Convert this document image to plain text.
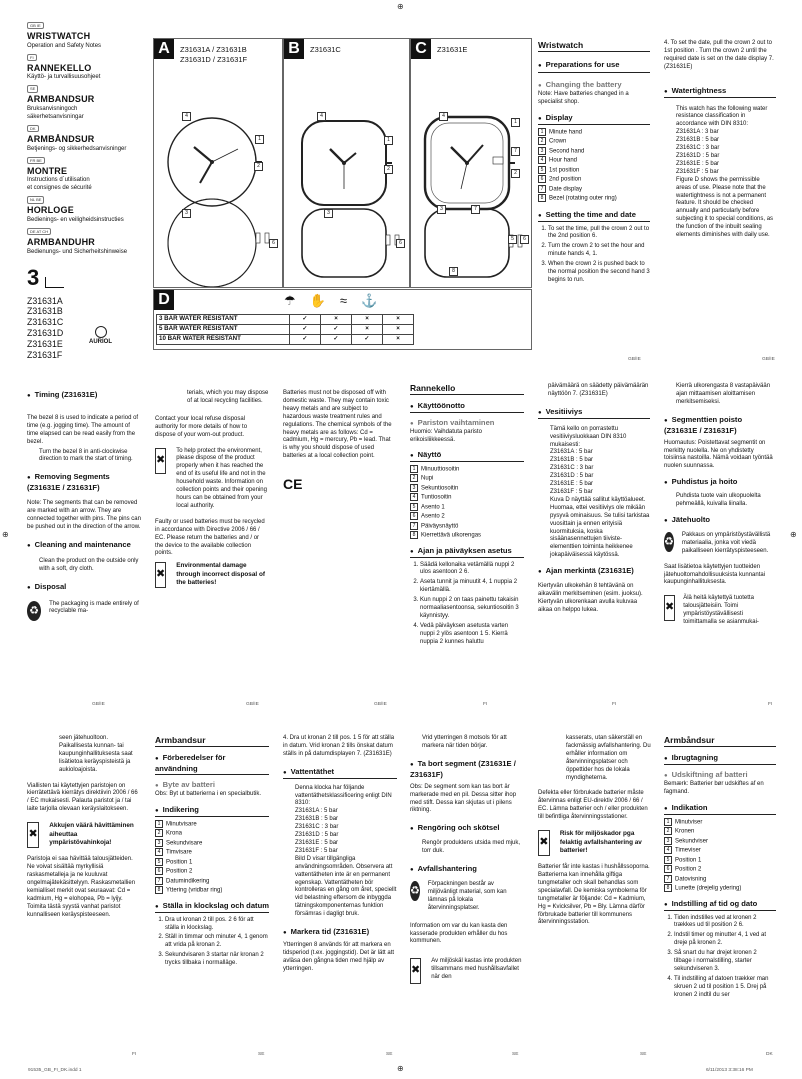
⊕
⊕	⊕
⊕
GB IE
WRISTWATCH
Operation and Safety Notes
FI
RANNEKELLO
Käyttö- ja turvallisuusohjeet
SE
ARMBANDSUR
Bruksanvisningoch
säkerhetsanvisningar
DK
ARMBÅNDSUR
Betjenings- og sikkerhedsanvisninger
FR BE
MONTRE
Instructions d´utilisation
et consignes de sécurité
NL BE
HORLOGE
Bedienings- en veiligheidsinstructies
DE AT CH
ARMBANDUHR
Bedienungs- und Sicherheitshinweise
3
Z31631A
Z31631B
Z31631C
Z31631D
Z31631E
Z31631F
AURIOL
A	Z31631A / Z31631B
Z31631D / Z31631F
4
1
2
3
6
B	Z31631C
4
1
2
3
6
C	Z31631E
4
1
7
2
3	7
5	6
8
D	☂✋≈⚓
3 BAR WATER RESISTANT	✓	×	×	×
5 BAR WATER RESISTANT	✓	✓	×	×
10 BAR WATER RESISTANT	✓	✓	✓	×
Wristwatch
● Preparations for use
● Changing the battery

Note: Have batteries changed in a specialist shop.

● Display
1 Minute hand
2 Crown
3 Second hand
4 Hour hand
5 1st position
6 2nd position
7 Date display
8 Bezel (rotating outer ring)
● Setting the time and date
1. To set the time, pull the crown 2 out to the 2nd position 6.
2. Turn the crown 2 to set the hour and minute hands 4, 1.
3. When the crown 2 is pushed back to the normal position the second hand 3 begins to run.

4. To set the date, pull the crown 2 out to 1st position . Turn the crown 2 until the required date is set on the date display 7. (Z31631E)

● Watertightness

This watch has the following water resistance classification in accordance with DIN 8310:
Z31631A : 3 bar
Z31631B : 5 bar
Z31631C : 3 bar
Z31631D : 5 bar
Z31631E : 5 bar
Z31631F : 5 bar
Figure D shows the permissible areas of use. Please note that the watertightness is not a permanent feature. It should be checked annually and particularly before subjecting it to special conditions, as the function of the inbuilt sealing elements diminishes with daily use.

GB/IE	GB/IE
● Timing (Z31631E)

The bezel 8 is used to indicate a period of time (e.g. jogging time). The amount of time elapsed can be read easily from the bezel.

Turn the bezel 8 in anti-clockwise direction to mark the start of timing.

● Removing Segments (Z31631E / Z31631F)

Note: The segments that can be removed are marked with an arrow. They are connected together with pins. The pins can be pushed out in the direction of the arrow.

● Cleaning and maintenance

Clean the product on the outside only with a soft, dry cloth.

● Disposal
♻

The packaging is made entirely of recyclable ma-

terials, which you may dispose of at local recycling facilities.

Contact your local refuse disposal authority for more details of how to dispose of your worn-out product.

✖

To help protect the environment, please dispose of the product properly when it has reached the end of its useful life and not in the household waste. Information on collection points and their opening hours can be obtained from your local authority.

Faulty or used batteries must be recycled in accordance with Directive 2006 / 66 / EC. Please return the batteries and / or the device to the available collection points.

✖

Environmental damage through incorrect disposal of the batteries!

Batteries must not be disposed off with domestic waste. They may contain toxic heavy metals and are subject to hazardous waste treatment rules and regulations. The chemical symbols of the heavy metals are as follows: Cd = cadmium, Hg = mercury, Pb = lead. That is why you should dispose of used batteries at a local collection point.

CE
Rannekello
● Käyttöönotto
● Pariston vaihtaminen

Huomio: Vaihdatuta paristo erikoisliikkeessä.

● Näyttö
1 Minuuttiosoitin
2 Nupi
3 Sekuntiosoitin
4 Tuntiosoitin
5 Asento 1
6 Asento 2
7 Päiväysnäyttö
8 Kierrettävä ulkorengas
● Ajan ja päiväyksen asetus
1. Säädä kellonaika vetämällä nuppi 2 ulos asentoon 2 6.
2. Aseta tunnit ja minuutit 4, 1 nuppia 2 kiertämällä.
3. Kun nuppi 2 on taas painettu takaisin normaaliasentoonsa, sekuntiosoitin 3 käynnistyy.
4. Vedä päiväyksen asetusta varten nuppi 2 ylös asentoon 1 5. Kierrä nuppia 2 kunnes haluttu

päivämäärä on säädetty päivämäärän näyttöön 7. (Z31631E)

● Vesitiiviys

Tämä kello on porrastettu vesitiiviysluokkaan DIN 8310 mukaisesti:
Z31631A : 5 bar
Z31631B : 5 bar
Z31631C : 3 bar
Z31631D : 5 bar
Z31631E : 5 bar
Z31631F : 5 bar
Kuva D näyttää sallitut käyttöalueet. Huomaa, ettei vesitiiviys ole mikään pysyvä ominaisuus. Se tulisi tarkistaa vuosittain ja ennen erityisiä kuormituksia, koska sisäänasennettujen tiiviste-elementtien toiminta heikkenee jokapäiväisessä käytössä.

● Ajan merkintä (Z31631E)

Kiertyvän ulkokehän 8 tehtävänä on aikavälin merkitseminen (esim. juoksu). Kiertyvän ulkorenkaan avulla kuluvaa aikaa on helppo lukea.

Kierrä ulkorengasta 8 vastapäivään ajan mittaamisen aloittamisen merkitsemiseksi.

● Segmenttien poisto (Z31631E / Z31631F)

Huomautus: Poistettavat segmentit on merkitty nuolella. Ne on yhdistetty toisiinsa nastoilla. Nämä voidaan työntää nuolen suunnassa.

● Puhdistus ja hoito

Puhdista tuote vain ulkopuolelta pehmeällä, kuivalla liinalla.

● Jätehuolto
♻

Pakkaus on ympäristöystävällistä materiaalia, jonka voit viedä paikalliseen kierrätyspisteeseen.

Saat lisätietoa käytettyjen tuotteiden jätehuoltomahdollisuuksista kunnantai kaupunginhallituksesta.

✖

Älä heitä käytettyä tuotetta talousjätteisiin. Toimi ympäristöystävällisesti toimittamalla se asianmukai-

GB/IE	GB/IE	GB/IE	FI	FI	FI

seen jätehuoltoon. Paikallisesta kunnan- tai kaupunginhallituksesta saat lisätietoa keräyspisteistä ja aukioloajoista.

Viallisten tai käytettyjen paristojen on kierrätettävä kierrätys direktiivin 2006 / 66 / EC mukaisesti. Palauta paristot ja / tai laite tarjolla olevaan keräyslaitokseen.

✖

Akkujen väärä hävittäminen aiheuttaa ympäristövahinkoja!

Paristoja ei saa hävittää talousjätteiden. Ne voivat sisältää myrkyllisiä raskasmetalleja ja ne kuuluvat ongelmajätekäsittelyyn. Raskasmetallien kemialliset merkit ovat seuraavat: Cd = kadmium, Hg = elohopea, Pb = lyijy. Toimita tästä syystä vanhat paristot kunnalliseen keräyspisteeseen.

Armbandsur
● Förberedelser för användning
● Byte av batteri

Obs: Byt ut batterierna i en specialbutik.

● Indikering
1 Minutvisare
2 Krona
3 Sekundvisare
4 Timvisare
5 Position 1
6 Position 2
7 Datumindikering
8 Yttering (vridbar ring)
● Ställa in klockslag och datum
1. Dra ut kronan 2 till pos. 2 6 för att ställa in klockslag.
2. Ställ in timmar och minuter 4, 1 genom att vrida på kronan 2.
3. Sekundvisaren 3 startar när kronan 2 trycks tillbaka i normalläge.

4. Dra ut kronan 2 till pos. 1 5 för att ställa in datum. Vrid kronan 2 tills önskat datum ställs in på datumdisplayen 7. (Z31631E)

● Vattentäthet

Denna klocka har följande vattentäthetsklassificering enligt DIN 8310:
Z31631A : 5 bar
Z31631B : 5 bar
Z31631C : 3 bar
Z31631D : 5 bar
Z31631E : 5 bar
Z31631F : 5 bar
Bild D visar tillgängliga användningsområden. Observera att vattentätheten inte är en permanent egenskap. Vattentätheten bör kontrolleras en gång om året, speciellt vid belastning eftersom de inbyggda tätningskomponenternas funktion försämras i dagligt bruk.

● Markera tid (Z31631E)

Ytterringen 8 används för att markera en tidsperiod (t.ex. joggingstid). Det är lätt att avläsa den gångna tiden med hjälp av ytterringen.

Vrid ytterringen 8 motsols för att markera när tiden börjar.

● Ta bort segment (Z31631E / Z31631F)

Obs: De segment som kan tas bort är markerade med en pil. Dessa sitter ihop med stift. Dessa kan skjutas ut i pilens riktning.

● Rengöring och skötsel

Rengör produktens utsida med mjuk, torr duk.

● Avfallshantering
♻

Förpackningen består av miljövänligt material, som kan lämnas på lokala återvinningsplatser.

Information om var du kan kasta den kasserade produkten erhåller du hos kommunen.

✖

Av miljöskäl kastas inte produkten tillsammans med hushållsavfallet när den

kasserats, utan säkerställ en fackmässig avfallshantering. Du erhåller information om återvinningsplatser och öppettider hos de lokala myndigheterna.

Defekta eller förbrukade batterier måste återvinnas enligt EU-direktiv 2006 / 66 / EC. Lämna batterier och / eller produkten till befintliga återvinningsstationer.

✖

Risk för miljöskador pga felaktig avfallshantering av batterier!

Batterier får inte kastas i hushållssoporna. Batterierna kan innehålla giftiga tungmetaller och skall behandlas som specialavfall. De kemiska symbolerna för tungmetaller är följande: Cd = Kadmium, Hg = Kvicksilver, Pb = Bly. Lämna därför förbrukade batterier till kommunens återvinningsstation.

Armbåndsur
● Ibrugtagning
● Udskiftning af batteri

Bemærk: Batterier bør udskiftes af en fagmand.

● Indikation
1 Minutviser
2 Kronen
3 Sekundviser
4 Timeviser
5 Position 1
6 Position 2
7 Datovisning
8 Lunette (drejelig ydering)
● Indstilling af tid og dato
1. Tiden indstilles ved at kronen 2 trækkes ud til position 2 6.
2. Indstil timer og minutter 4, 1 ved at dreje på kronen 2.
3. Så snart du har drejet kronen 2 tilbage i normalstilling, starter sekundviseren 3.
4. Til indstilling af datoen trækker man skruen 2 ud til position 1 5. Drej på kronen 2 indtil du ser
FI	SE	SE	SE	SE	DK
91535_GB_FI_DK.indd 1	6/11/2013 3:38:16 PM
